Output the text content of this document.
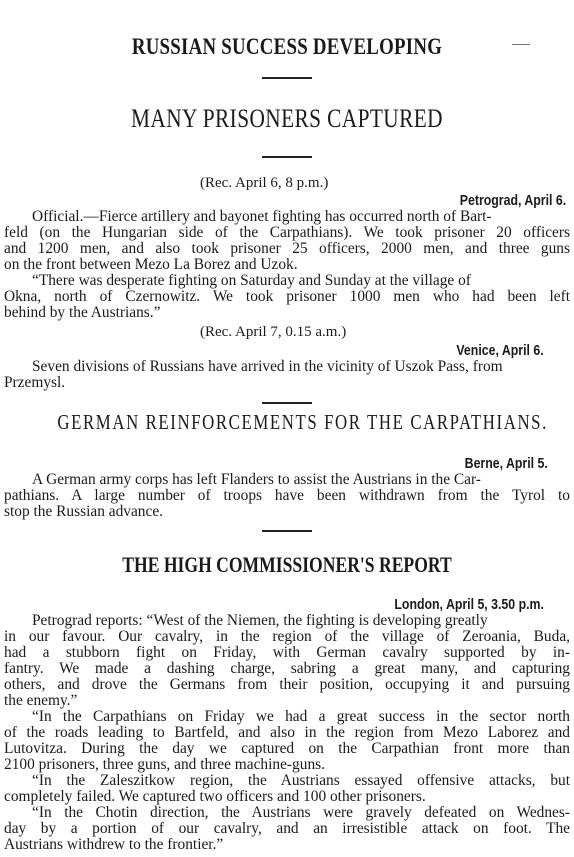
RUSSIAN SUCCESS DEVELOPING
MANY PRISONERS CAPTURED
(Rec. April 6, 8 p.m.)
Petrograd, April 6.
Official.—Fierce artillery and bayonet fighting has occurred north of Bart-
feld (on the Hungarian side of the Carpathians). We took prisoner 20 officers
and 1200 men, and also took prisoner 25 officers, 2000 men, and three guns
on the front between Mezo La Borez and Uzok.
“There was desperate fighting on Saturday and Sunday at the village of
Okna, north of Czernowitz. We took prisoner 1000 men who had been left
behind by the Austrians.”
(Rec. April 7, 0.15 a.m.)
Venice, April 6.
Seven divisions of Russians have arrived in the vicinity of Uszok Pass, from
Przemysl.
GERMAN REINFORCEMENTS FOR THE CARPATHIANS.
Berne, April 5.
A German army corps has left Flanders to assist the Austrians in the Car-
pathians. A large number of troops have been withdrawn from the Tyrol to
stop the Russian advance.
THE HIGH COMMISSIONER'S REPORT
London, April 5, 3.50 p.m.
Petrograd reports: “West of the Niemen, the fighting is developing greatly
in our favour. Our cavalry, in the region of the village of Zeroania, Buda,
had a stubborn fight on Friday, with German cavalry supported by in-
fantry. We made a dashing charge, sabring a great many, and capturing
others, and drove the Germans from their position, occupying it and pursuing
the enemy.”
“In the Carpathians on Friday we had a great success in the sector north
of the roads leading to Bartfeld, and also in the region from Mezo Laborez and
Lutovitza. During the day we captured on the Carpathian front more than
2100 prisoners, three guns, and three machine-guns.
“In the Zaleszitkow region, the Austrians essayed offensive attacks, but
completely failed. We captured two officers and 100 other prisoners.
“In the Chotin direction, the Austrians were gravely defeated on Wednes-
day by a portion of our cavalry, and an irresistible attack on foot. The
Austrians withdrew to the frontier.”
